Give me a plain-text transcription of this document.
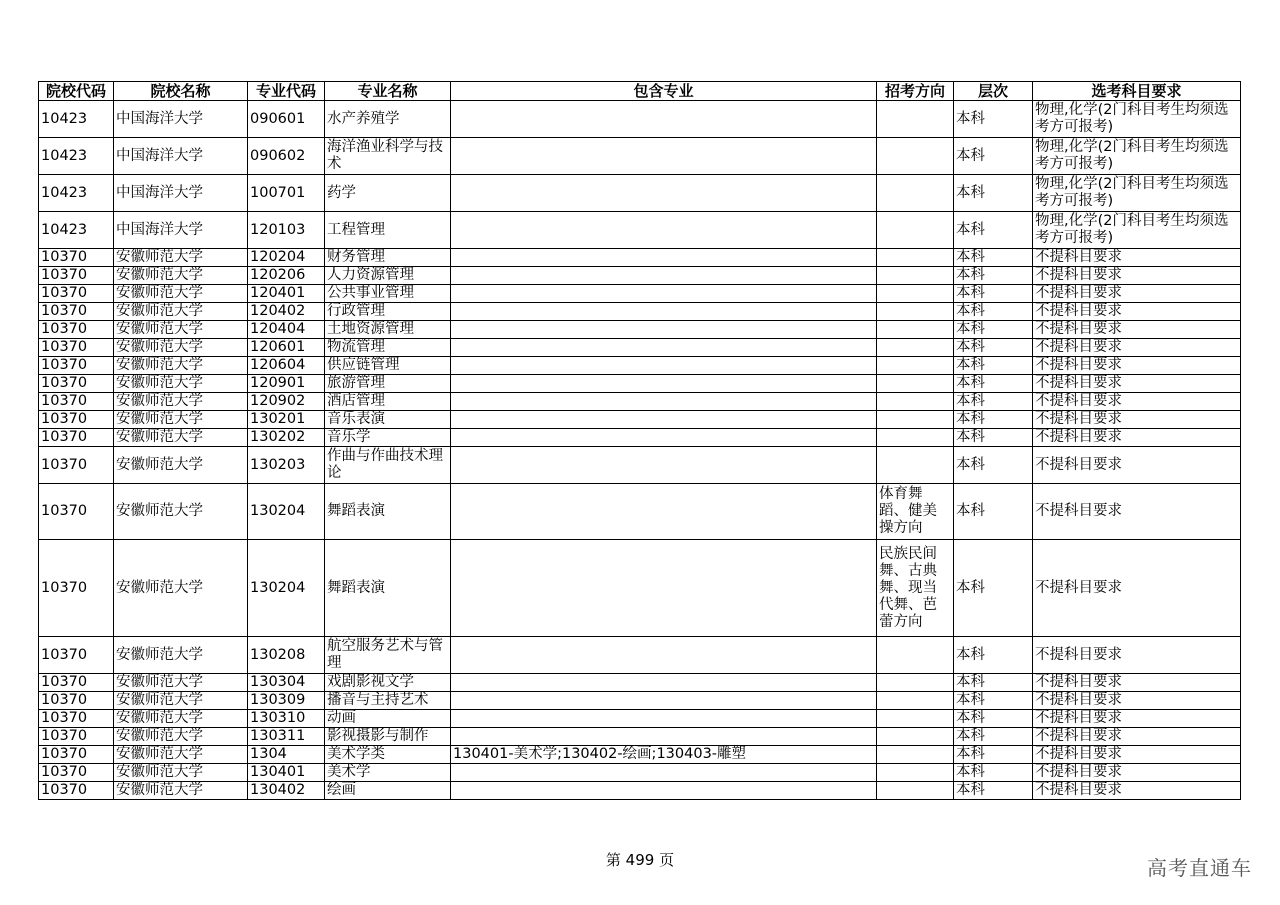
院校代码	院校名称	专业代码	专业名称	包含专业	招考方向	层次	选考科目要求
10423	中国海洋大学	090601	水产养殖学			本科	物理,化学(2门科目考生均须选考方可报考)
10423	中国海洋大学	090602	海洋渔业科学与技术			本科	物理,化学(2门科目考生均须选考方可报考)
10423	中国海洋大学	100701	药学			本科	物理,化学(2门科目考生均须选考方可报考)
10423	中国海洋大学	120103	工程管理			本科	物理,化学(2门科目考生均须选考方可报考)
10370	安徽师范大学	120204	财务管理			本科	不提科目要求
10370	安徽师范大学	120206	人力资源管理			本科	不提科目要求
10370	安徽师范大学	120401	公共事业管理			本科	不提科目要求
10370	安徽师范大学	120402	行政管理			本科	不提科目要求
10370	安徽师范大学	120404	土地资源管理			本科	不提科目要求
10370	安徽师范大学	120601	物流管理			本科	不提科目要求
10370	安徽师范大学	120604	供应链管理			本科	不提科目要求
10370	安徽师范大学	120901	旅游管理			本科	不提科目要求
10370	安徽师范大学	120902	酒店管理			本科	不提科目要求
10370	安徽师范大学	130201	音乐表演			本科	不提科目要求
10370	安徽师范大学	130202	音乐学			本科	不提科目要求
10370	安徽师范大学	130203	作曲与作曲技术理论			本科	不提科目要求
10370	安徽师范大学	130204	舞蹈表演		体育舞蹈、健美操方向	本科	不提科目要求
10370	安徽师范大学	130204	舞蹈表演		民族民间舞、古典舞、现当代舞、芭蕾方向	本科	不提科目要求
10370	安徽师范大学	130208	航空服务艺术与管理			本科	不提科目要求
10370	安徽师范大学	130304	戏剧影视文学			本科	不提科目要求
10370	安徽师范大学	130309	播音与主持艺术			本科	不提科目要求
10370	安徽师范大学	130310	动画			本科	不提科目要求
10370	安徽师范大学	130311	影视摄影与制作			本科	不提科目要求
10370	安徽师范大学	1304	美术学类	130401-美术学;130402-绘画;130403-雕塑		本科	不提科目要求
10370	安徽师范大学	130401	美术学			本科	不提科目要求
10370	安徽师范大学	130402	绘画			本科	不提科目要求
第 499 页	高考直通车
